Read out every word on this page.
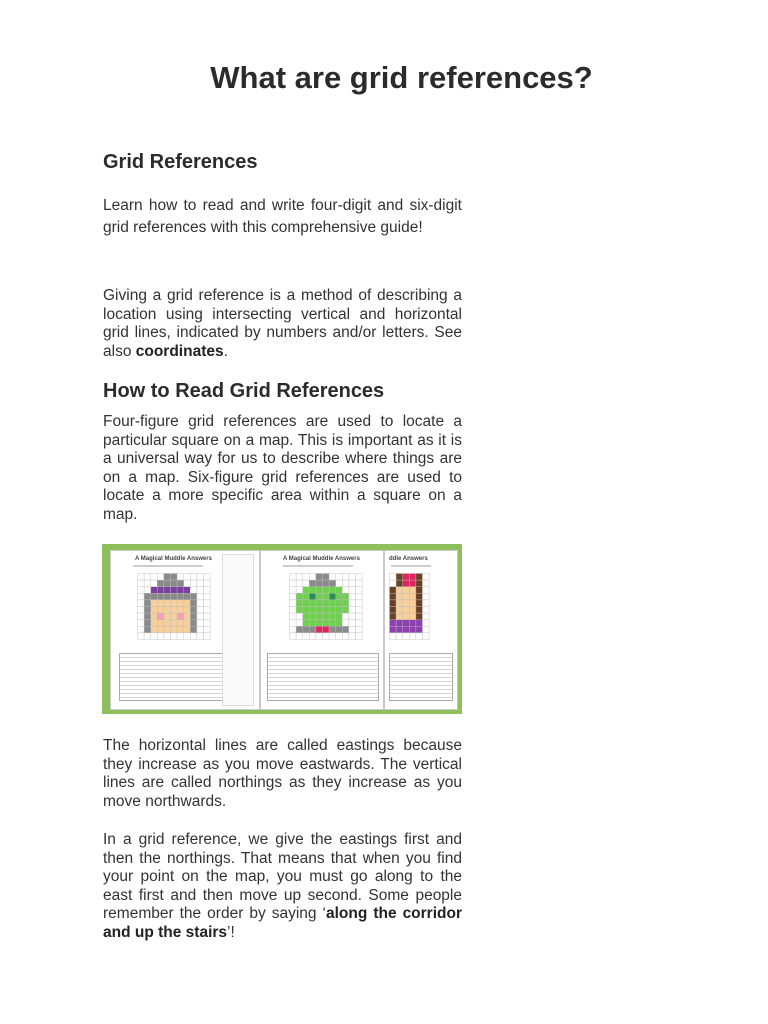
What are grid references?
Grid References

Learn how to read and write four-digit and six-digit grid references with this comprehensive guide!

Giving a grid reference is a method of describing a location using intersecting vertical and horizontal grid lines, indicated by numbers and/or letters. See also coordinates.

How to Read Grid References

Four-figure grid references are used to locate a particular square on a map. This is important as it is a universal way for us to describe where things are on a map. Six-figure grid references are used to locate a more specific area within a square on a map.

A Magical Muddle Answers	A Magical Muddle Answers	ddle Answers

The horizontal lines are called eastings because they increase as you move eastwards. The vertical lines are called northings as they increase as you move northwards.

In a grid reference, we give the eastings first and then the northings. That means that when you find your point on the map, you must go along to the east first and then move up second. Some people remember the order by saying ‘along the corridor and up the stairs’!
